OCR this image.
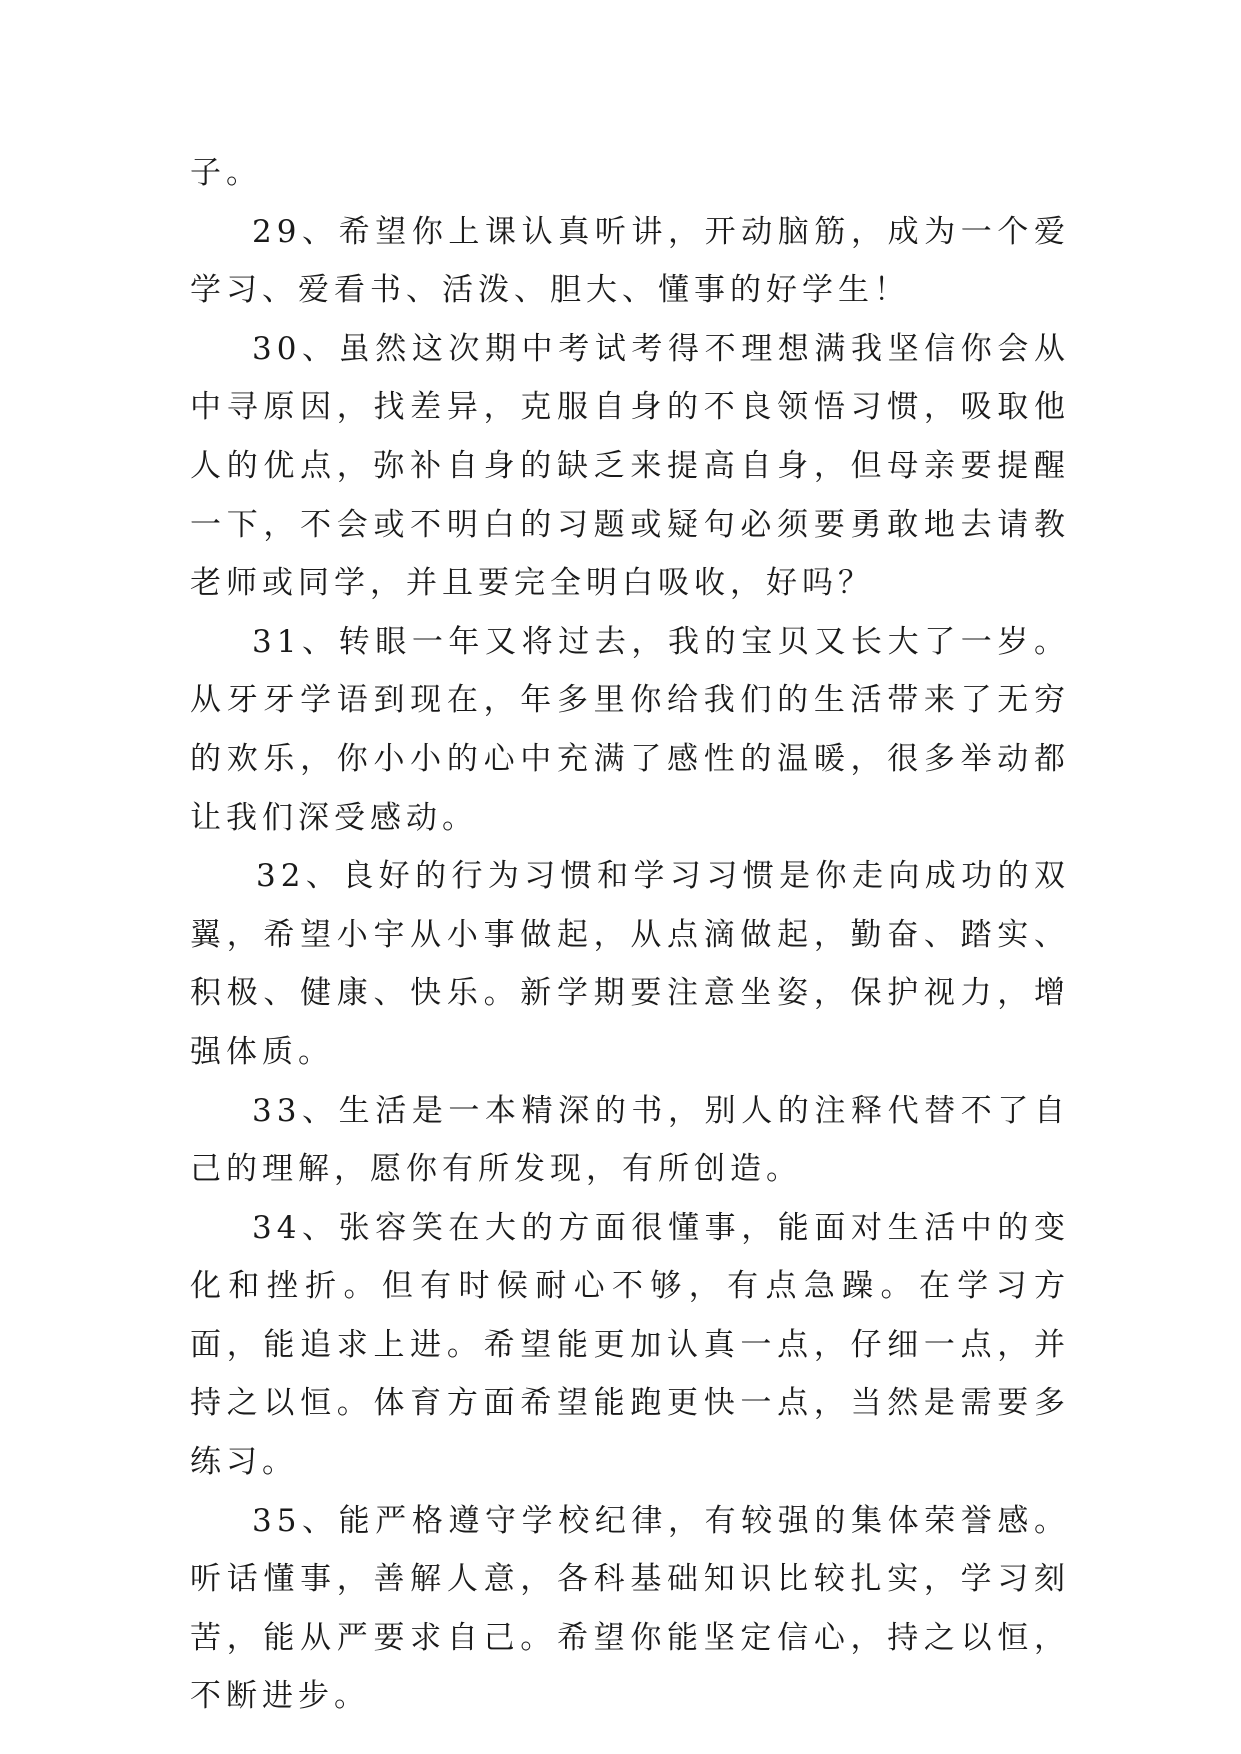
子。

29、希望你上课认真听讲，开动脑筋，成为一个爱学习、爱看书、活泼、胆大、懂事的好学生！

30、虽然这次期中考试考得不理想满我坚信你会从中寻原因，找差异，克服自身的不良领悟习惯，吸取他人的优点，弥补自身的缺乏来提高自身，但母亲要提醒一下，不会或不明白的习题或疑句必须要勇敢地去请教老师或同学，并且要完全明白吸收，好吗？

31、转眼一年又将过去，我的宝贝又长大了一岁。从牙牙学语到现在，年多里你给我们的生活带来了无穷的欢乐，你小小的心中充满了感性的温暖，很多举动都让我们深受感动。

32、良好的行为习惯和学习习惯是你走向成功的双翼，希望小宇从小事做起，从点滴做起，勤奋、踏实、积极、健康、快乐。新学期要注意坐姿，保护视力，增强体质。

33、生活是一本精深的书，别人的注释代替不了自己的理解，愿你有所发现，有所创造。

34、张容笑在大的方面很懂事，能面对生活中的变化和挫折。但有时候耐心不够，有点急躁。在学习方面，能追求上进。希望能更加认真一点，仔细一点，并持之以恒。体育方面希望能跑更快一点，当然是需要多练习。

35、能严格遵守学校纪律，有较强的集体荣誉感。听话懂事，善解人意，各科基础知识比较扎实，学习刻苦，能从严要求自己。希望你能坚定信心，持之以恒，不断进步。
